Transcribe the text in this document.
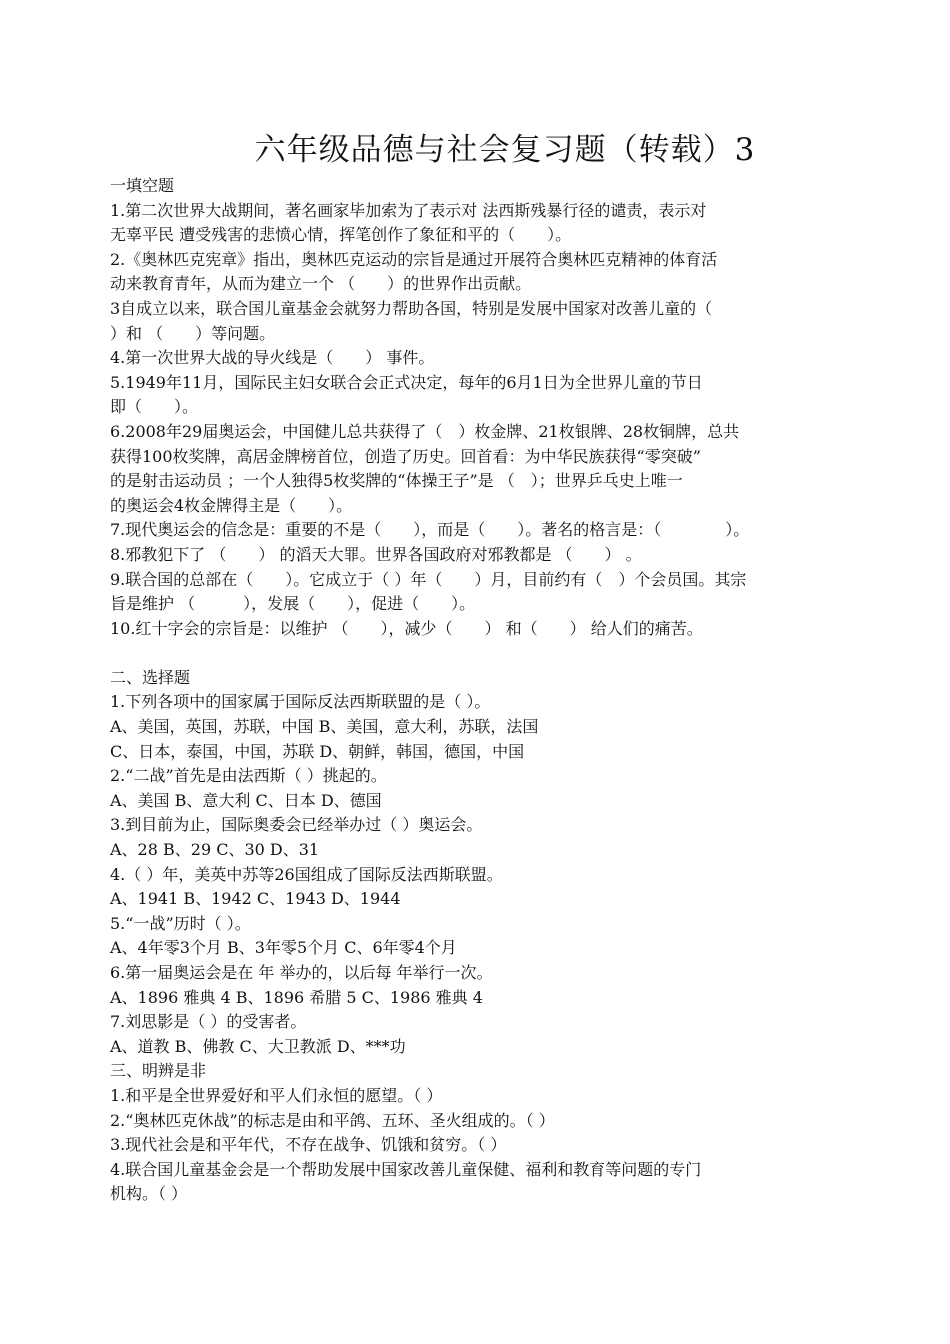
六年级品德与社会复习题（转载）3

一填空题

1.第二次世界大战期间，著名画家毕加索为了表示对 法西斯残暴行径的谴责，表示对

无辜平民 遭受残害的悲愤心情，挥笔创作了象征和平的（　　）。

2.《奥林匹克宪章》指出，奥林匹克运动的宗旨是通过开展符合奥林匹克精神的体育活

动来教育青年，从而为建立一个 （　　）的世界作出贡献。

3自成立以来，联合国儿童基金会就努力帮助各国，特别是发展中国家对改善儿童的（

）和 （　　）等问题。

4.第一次世界大战的导火线是（　　） 事件。

5.1949年11月，国际民主妇女联合会正式决定，每年的6月1日为全世界儿童的节日

即（　　）。

6.2008年29届奥运会，中国健儿总共获得了（　）枚金牌、21枚银牌、28枚铜牌，总共

获得100枚奖牌，高居金牌榜首位，创造了历史。回首看：为中华民族获得“零突破”

的是射击运动员 ；一个人独得5枚奖牌的“体操王子”是 （　）；世界乒乓史上唯一

的奥运会4枚金牌得主是（　　）。

7.现代奥运会的信念是：重要的不是（　　），而是（　　）。著名的格言是：（　　　　）。

8.邪教犯下了 （　　） 的滔天大罪。世界各国政府对邪教都是 （　　） 。

9.联合国的总部在（　　）。它成立于（ ）年（　　）月，目前约有（　）个会员国。其宗

旨是维护 （　　　），发展（　　），促进（　　）。

10.红十字会的宗旨是：以维护 （　　），减少（　　） 和（　　） 给人们的痛苦。

二、选择题

1.下列各项中的国家属于国际反法西斯联盟的是（ ）。

A、美国，英国，苏联，中国 B、美国，意大利，苏联，法国

C、日本，泰国，中国，苏联 D、朝鲜，韩国，德国，中国

2.“二战”首先是由法西斯（ ）挑起的。

A、美国 B、意大利 C、日本 D、德国

3.到目前为止，国际奥委会已经举办过（ ）奥运会。

A、28 B、29 C、30 D、31

4.（ ）年，美英中苏等26国组成了国际反法西斯联盟。

A、1941 B、1942 C、1943 D、1944

5.“一战”历时（ ）。

A、4年零3个月 B、3年零5个月 C、6年零4个月

6.第一届奥运会是在 年 举办的，以后每 年举行一次。

A、1896 雅典 4 B、1896 希腊 5 C、1986 雅典 4

7.刘思影是（ ）的受害者。

A、道教 B、佛教 C、大卫教派 D、***功

三、明辨是非

1.和平是全世界爱好和平人们永恒的愿望。（ ）

2.“奥林匹克休战”的标志是由和平鸽、五环、圣火组成的。（ ）

3.现代社会是和平年代，不存在战争、饥饿和贫穷。（ ）

4.联合国儿童基金会是一个帮助发展中国家改善儿童保健、福利和教育等问题的专门

机构。（ ）
